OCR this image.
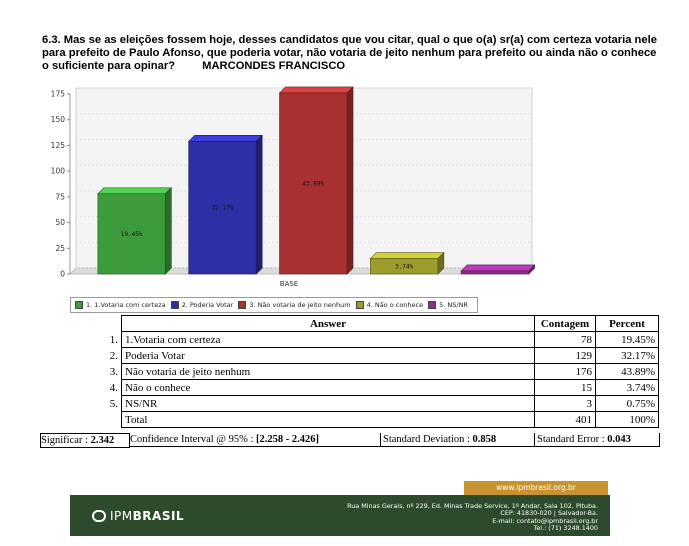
6.3. Mas se as eleições fossem hoje, desses candidatos que vou citar, qual o que o(a) sr(a) com certeza votaria nele para prefeito de Paulo Afonso, que poderia votar, não votaria de jeito nenhum para prefeito ou ainda não o conhece o suficiente para opinar? MARCONDES FRANCISCO
0
25
50
75
100
125
150
175
19.45%
32.17%
43.89%
3.74%
BASE
1. 1.Votaria com certeza 2. Poderia Votar 3. Não votaria de jeito nenhum 4. Não o conhece 5. NS/NR
	Answer	Contagem	Percent
1.	1.Votaria com certeza	78	19.45%
2.	Poderia Votar	129	32.17%
3.	Não votaria de jeito nenhum	176	43.89%
4.	Não o conhece	15	3.74%
5.	NS/NR	3	0.75%
	Total	401	100%
Significar : 2.342	Confidence Interval @ 95% : [2.258 - 2.426]	Standard Deviation : 0.858	Standard Error : 0.043
www.ipmbrasil.org.br
IPM BRASIL
Rua Minas Gerais, nº 229, Ed. Minas Trade Service, 1º Andar, Sala 102, Pituba.
CEP: 41830-020 | Salvador-Ba.
E-mail: contato@ipmbrasil.org.br
Tel.: (71) 3248.1400
